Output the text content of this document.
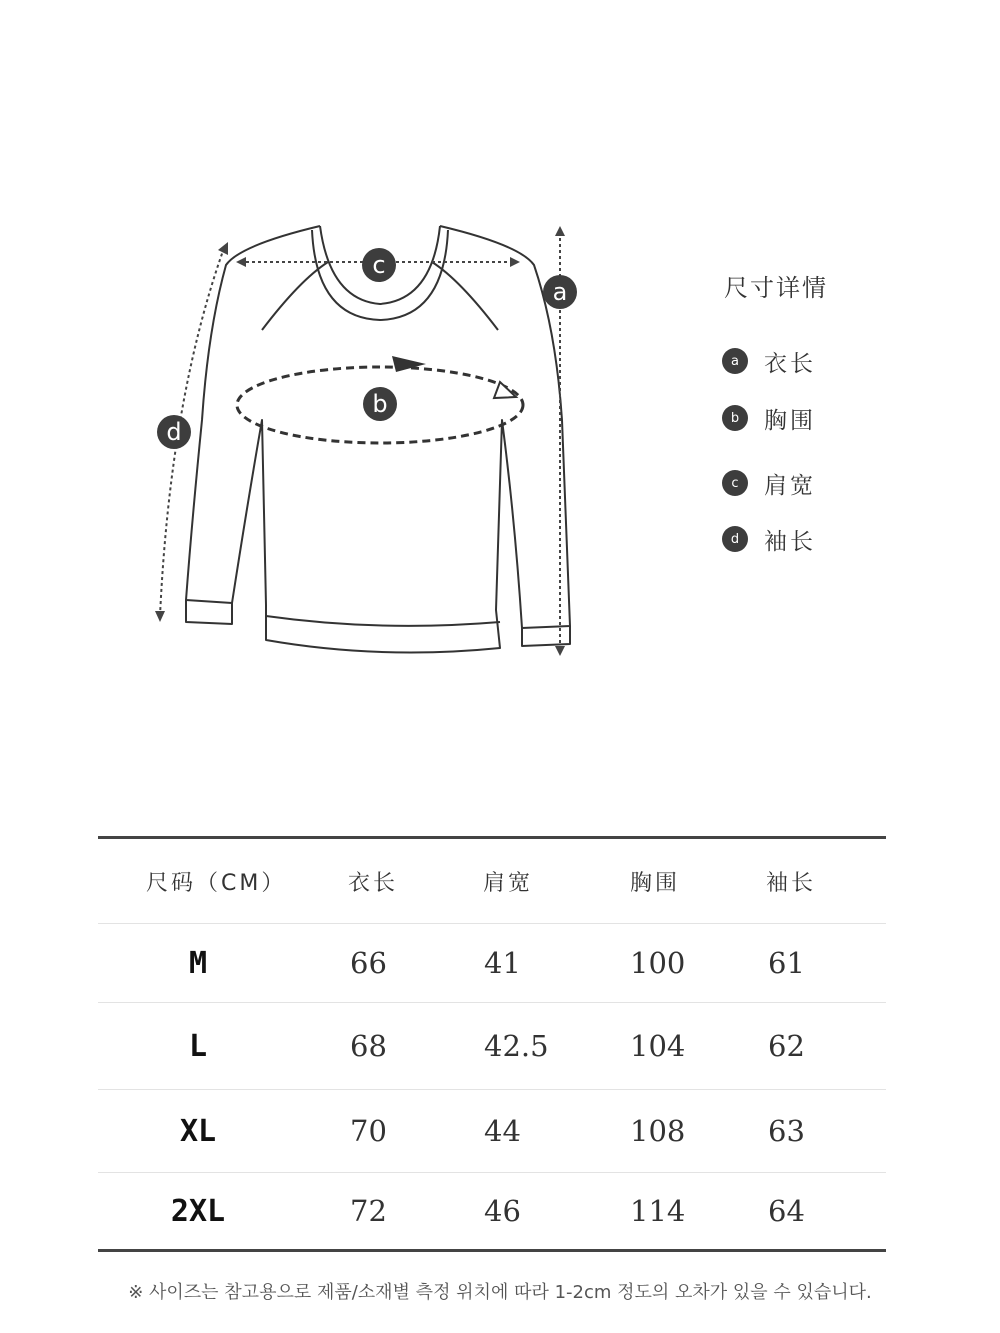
c
a
b
d
尺寸详情
a	衣长
b	胸围
c	肩宽
d	袖长
尺码（CM）	衣长	肩宽	胸围	袖长
M	66	41	100	61
L	68	42.5	104	62
XL	70	44	108	63
2XL	72	46	114	64
※ 사이즈는 참고용으로 제품/소재별 측정 위치에 따라 1-2cm 정도의 오차가 있을 수 있습니다.
